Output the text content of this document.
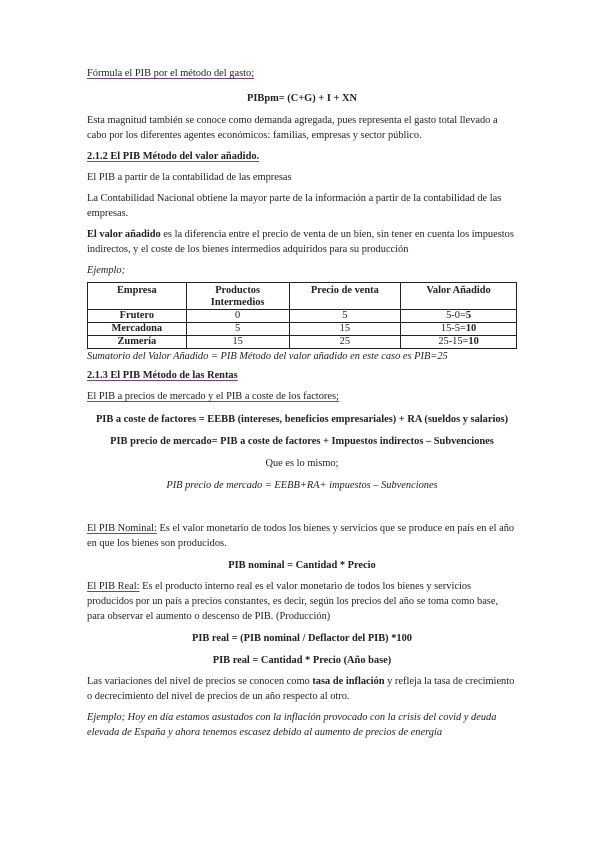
Fórmula el PIB por el método del gasto;

PIBpm= (C+G) + I + XN

Esta magnitud también se conoce como demanda agregada, pues representa el gasto total llevado a cabo por los diferentes agentes económicos: familias, empresas y sector público.

2.1.2 El PIB Método del valor añadido.

El PIB a partir de la contabilidad de las empresas

La Contabilidad Nacional obtiene la mayor parte de la información a partir de la contabilidad de las empresas.

El valor añadido es la diferencia entre el precio de venta de un bien, sin tener en cuenta los impuestos indirectos, y el coste de los bienes intermedios adquiridos para su producción

Ejemplo;

Empresa	Productos Intermedios	Precio de venta	Valor Añadido
Frutero	0	5	5-0=5
Mercadona	5	15	15-5=10
Zumería	15	25	25-15=10

Sumatorio del Valor Añadido = PIB Método del valor añadido en este caso es PIB=25

2.1.3 El PIB Método de las Rentas

El PIB a precios de mercado y el PIB a coste de los factores;

PIB a coste de factores = EEBB (intereses, beneficios empresariales) + RA (sueldos y salarios)

PIB precio de mercado= PIB a coste de factores + Impuestos indirectos – Subvenciones

Que es lo mismo;

PIB precio de mercado = EEBB+RA+ impuestos – Subvenciones

El PIB Nominal: Es el valor monetario de todos los bienes y servicios que se produce en país en el año en que los bienes son producidos.

PIB nominal = Cantidad * Precio

El PIB Real: Es el producto interno real es el valor monetario de todos los bienes y servicios producidos por un país a precios constantes, es decir, según los precios del año se toma como base, para observar el aumento o descenso de PIB. (Producción)

PIB real = (PIB nominal / Deflactor del PIB) *100

PIB real = Cantidad * Precio (Año base)

Las variaciones del nivel de precios se conocen como tasa de inflación y refleja la tasa de crecimiento o decrecimiento del nivel de precios de un año respecto al otro.

Ejemplo; Hoy en día estamos asustados con la inflación provocado con la crisis del covid y deuda elevada de España y ahora tenemos escasez debido al aumento de precios de energía
